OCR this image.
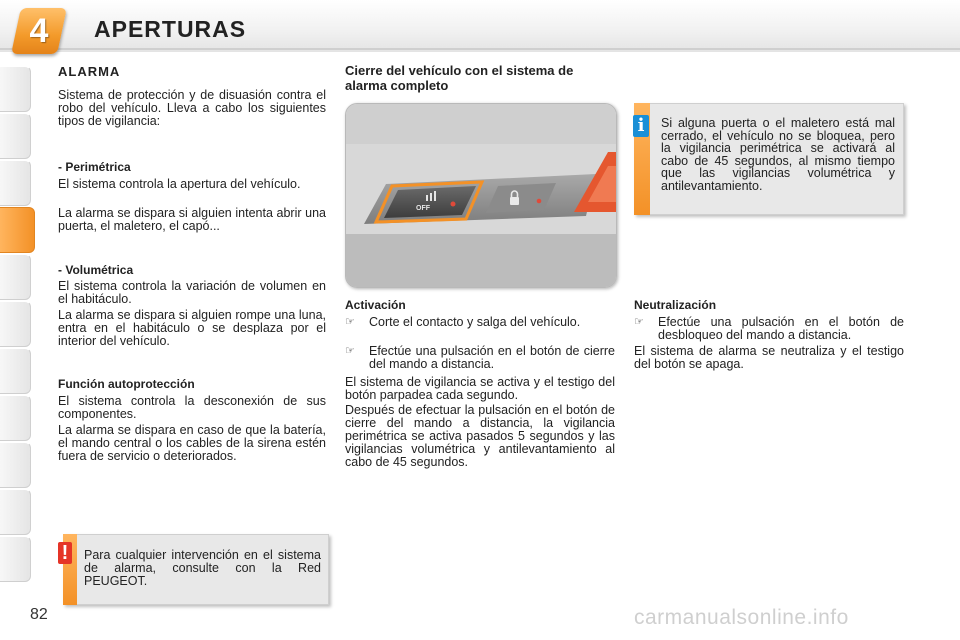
4	APERTURAS
ALARMA

Sistema de protección y de disuasión contra el robo del vehículo. Lleva a cabo los siguientes tipos de vigilancia:

- Perimétrica

El sistema controla la apertura del vehículo.

La alarma se dispara si alguien intenta abrir una puerta, el maletero, el capó...

- Volumétrica

El sistema controla la variación de volumen en el habitáculo.

La alarma se dispara si alguien rompe una luna, entra en el habitáculo o se desplaza por el interior del vehículo.

Función autoprotección

El sistema controla la desconexión de sus componentes.

La alarma se dispara en caso de que la batería, el mando central o los cables de la sirena estén fuera de servicio o deteriorados.

! Para cualquier intervención en el sistema de alarma, consulte con la Red PEUGEOT.

Cierre del vehículo con el sistema de alarma completo
OFF
Activación
☞	Corte el contacto y salga del vehículo.
☞	Efectúe una pulsación en el botón de cierre del mando a distancia.

El sistema de vigilancia se activa y el testigo del botón parpadea cada segundo.

Después de efectuar la pulsación en el botón de cierre del mando a distancia, la vigilancia perimétrica se activa pasados 5 segundos y las vigilancias volumétrica y antilevantamiento al cabo de 45 segundos.

i	Si alguna puerta o el maletero está mal cerrado, el vehículo no se bloquea, pero la vigilancia perimétrica se activará al cabo de 45 segundos, al mismo tiempo que las vigilancias volumétrica y antilevantamiento.

Neutralización
☞	Efectúe una pulsación en el botón de desbloqueo del mando a distancia.

El sistema de alarma se neutraliza y el testigo del botón se apaga.

82	carmanualsonline.info
